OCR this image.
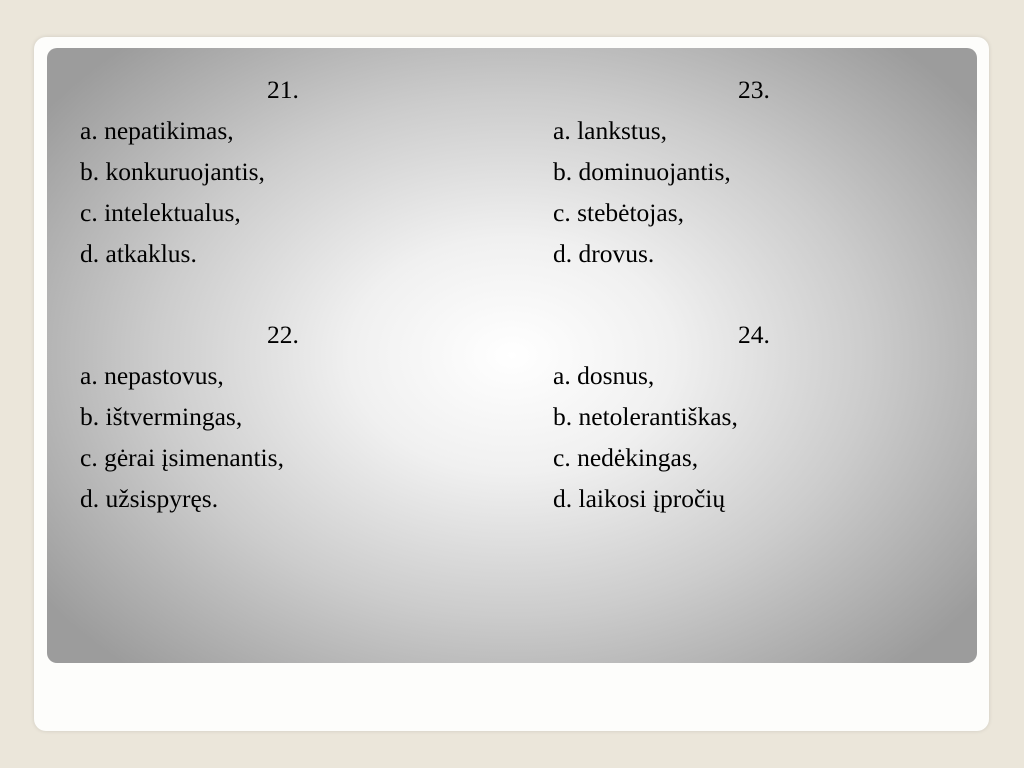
21.
a. nepatikimas,
b. konkuruojantis,
c. intelektualus,
d. atkaklus.
22.
a. nepastovus,
b. ištvermingas,
c. gėrai įsimenantis,
d. užsispyręs.
23.
a. lankstus,
b. dominuojantis,
c. stebėtojas,
d. drovus.
24.
a. dosnus,
b. netolerantiškas,
c. nedėkingas,
d. laikosi įpročių
